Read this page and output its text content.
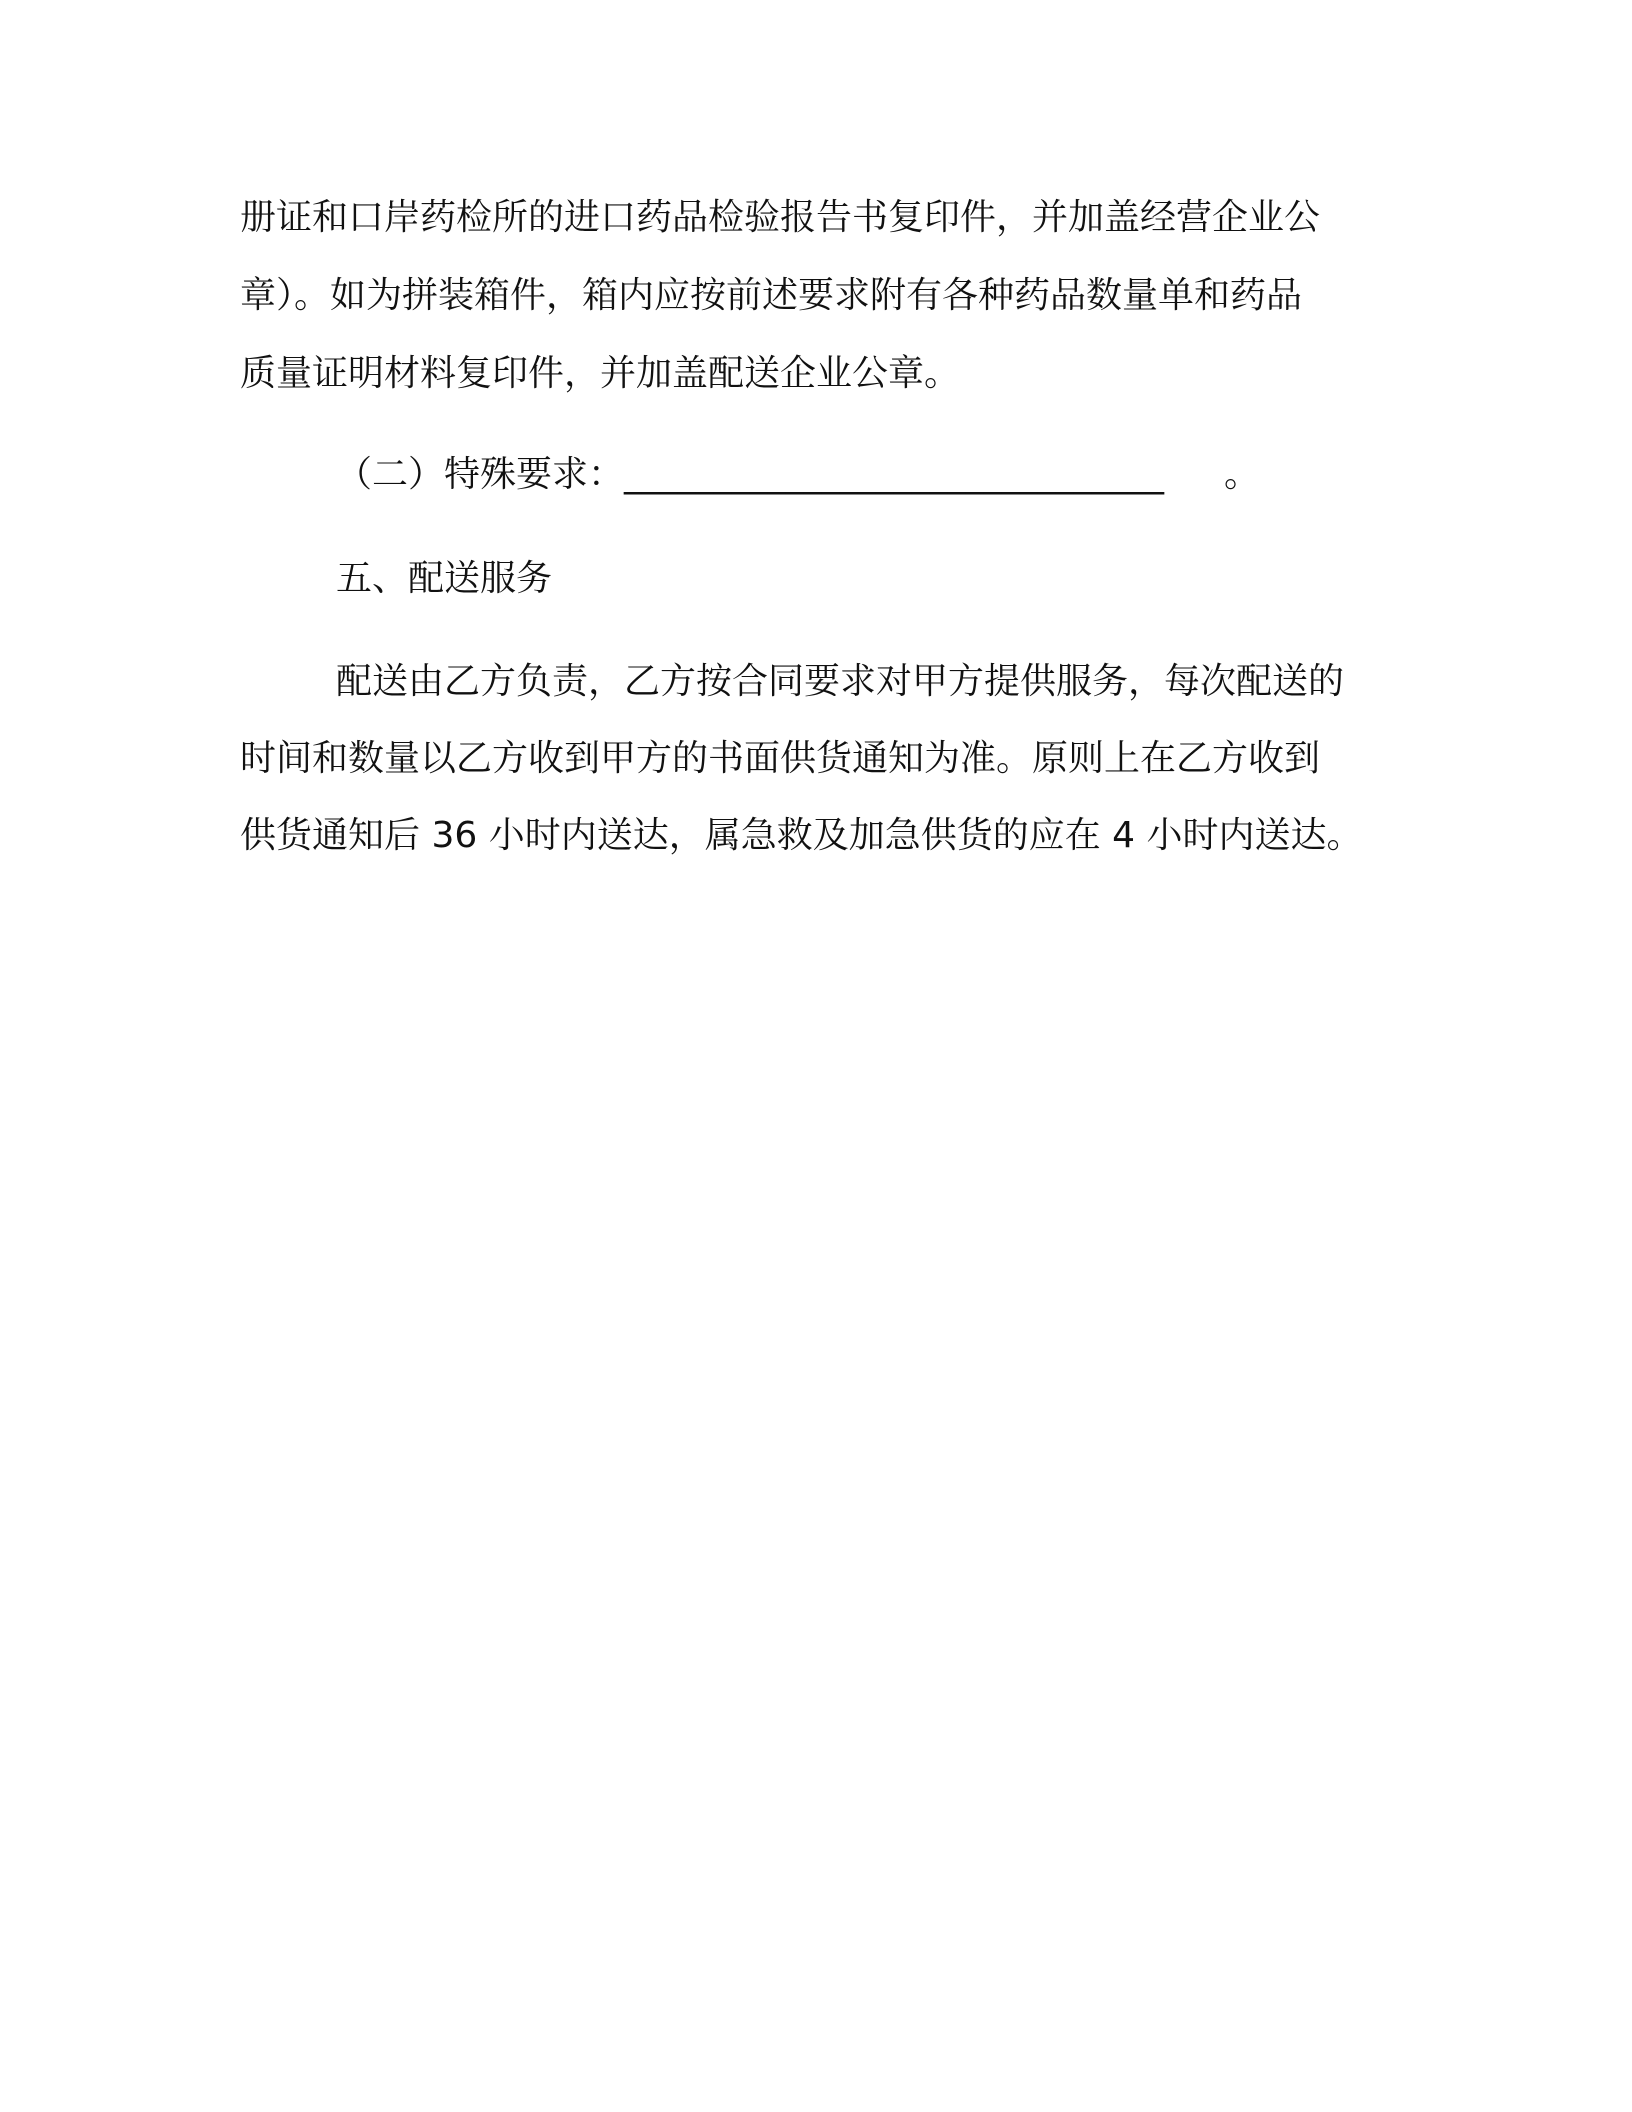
册证和口岸药检所的进口药品检验报告书复印件，并加盖经营企业公
章）。如为拼装箱件，箱内应按前述要求附有各种药品数量单和药品
质量证明材料复印件，并加盖配送企业公章。
（二）特殊要求：______________________________ 。
五、配送服务
配送由乙方负责，乙方按合同要求对甲方提供服务，每次配送的
时间和数量以乙方收到甲方的书面供货通知为准。原则上在乙方收到
供货通知后 36 小时内送达，属急救及加急供货的应在 4 小时内送达。
